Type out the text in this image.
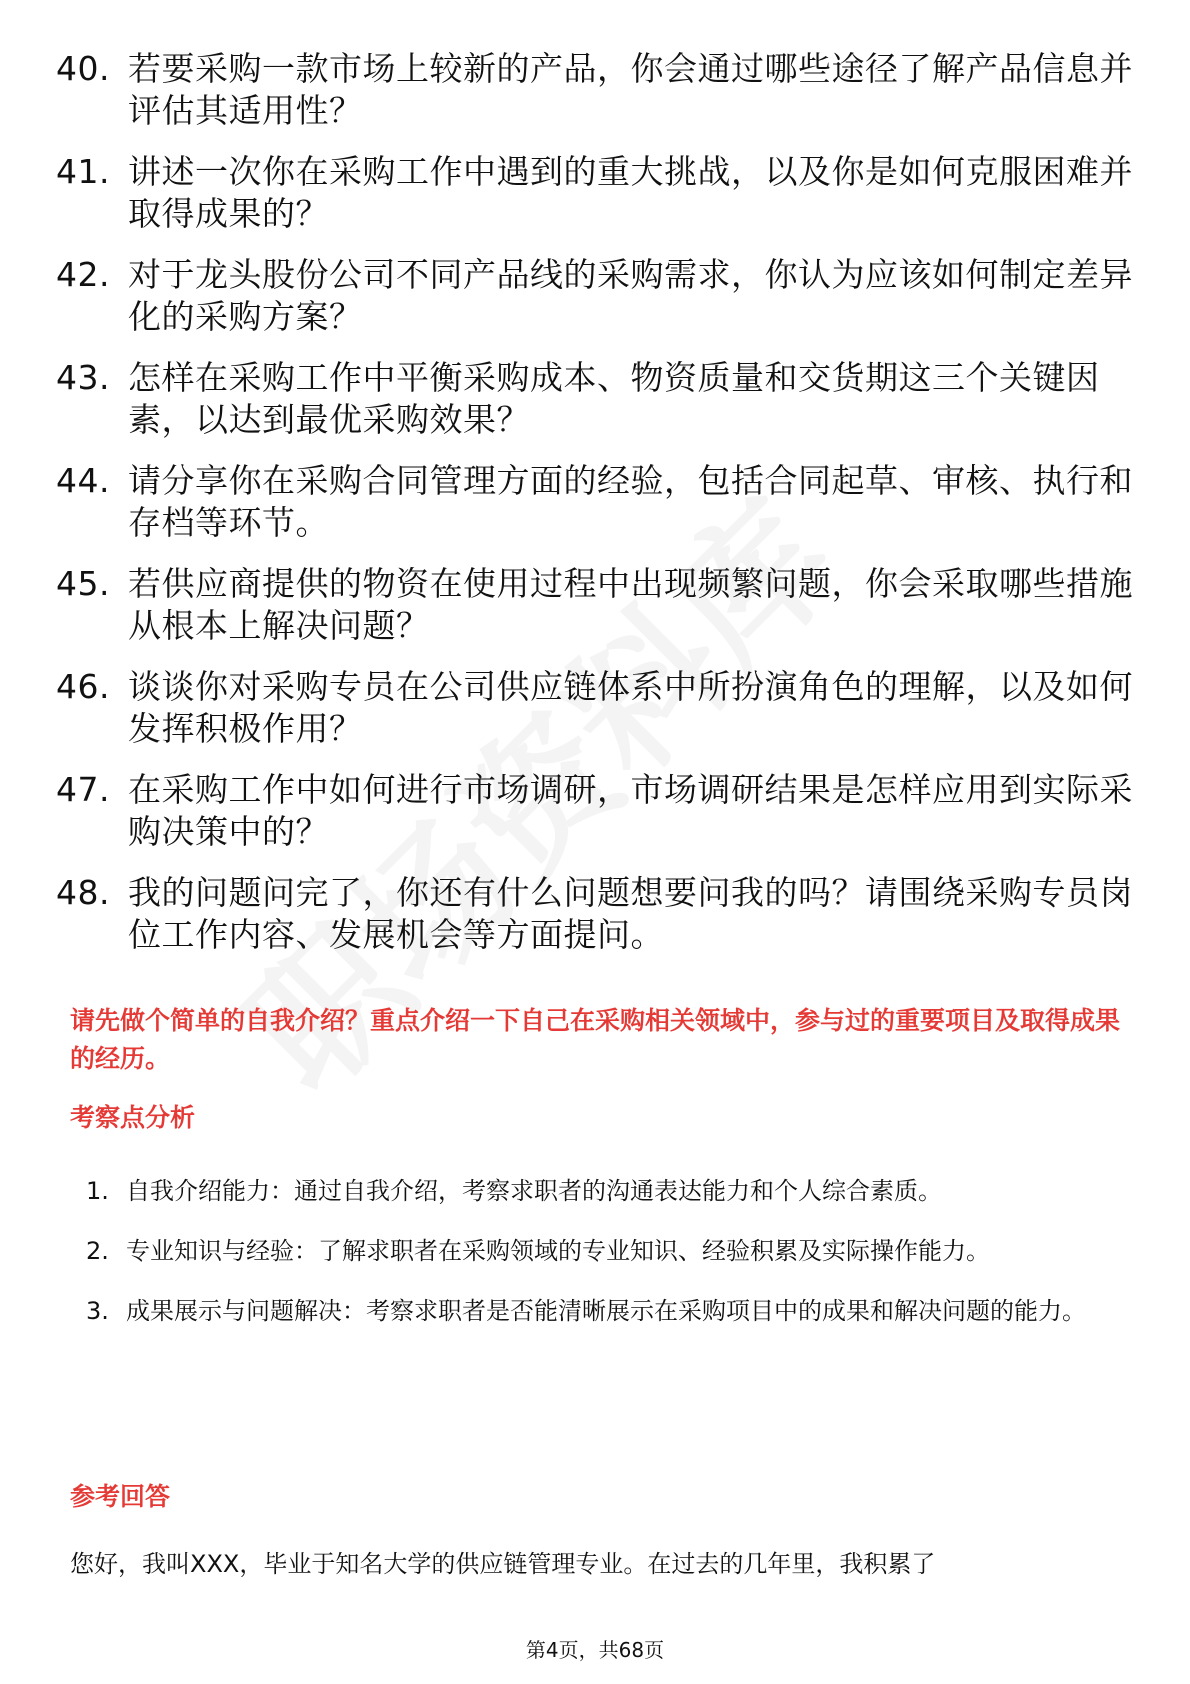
40. 若要采购一款市场上较新的产品，你会通过哪些途径了解产品信息并评估其适用性？
41. 讲述一次你在采购工作中遇到的重大挑战，以及你是如何克服困难并取得成果的？
42. 对于龙头股份公司不同产品线的采购需求，你认为应该如何制定差异化的采购方案？
43. 怎样在采购工作中平衡采购成本、物资质量和交货期这三个关键因素，以达到最优采购效果？
44. 请分享你在采购合同管理方面的经验，包括合同起草、审核、执行和存档等环节。
45. 若供应商提供的物资在使用过程中出现频繁问题，你会采取哪些措施从根本上解决问题？
46. 谈谈你对采购专员在公司供应链体系中所扮演角色的理解，以及如何发挥积极作用？
47. 在采购工作中如何进行市场调研，市场调研结果是怎样应用到实际采购决策中的？
48. 我的问题问完了，你还有什么问题想要问我的吗？请围绕采购专员岗位工作内容、发展机会等方面提问。
请先做个简单的自我介绍？重点介绍一下自己在采购相关领域中，参与过的重要项目及取得成果的经历。
考察点分析
1. 自我介绍能力：通过自我介绍，考察求职者的沟通表达能力和个人综合素质。
2. 专业知识与经验：了解求职者在采购领域的专业知识、经验积累及实际操作能力。
3. 成果展示与问题解决：考察求职者是否能清晰展示在采购项目中的成果和解决问题的能力。
参考回答
您好，我叫XXX，毕业于知名大学的供应链管理专业。在过去的几年里，我积累了
第4页，共68页
